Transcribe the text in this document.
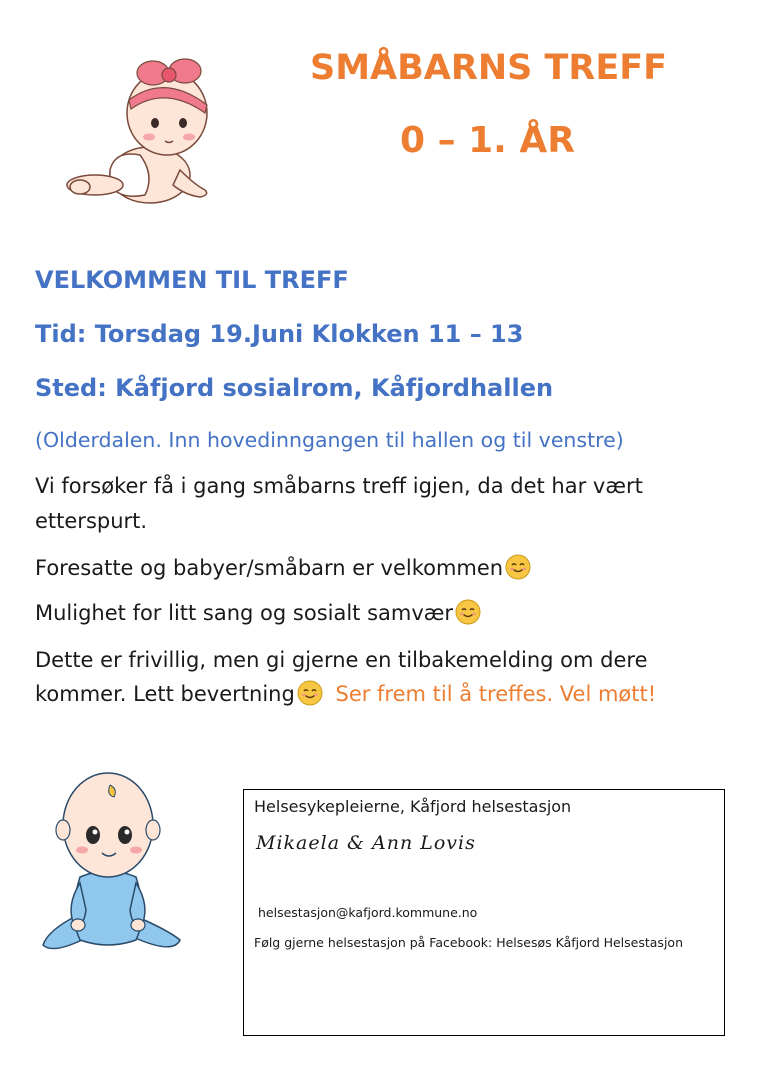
SMÅBARNS TREFF
0 – 1. ÅR
VELKOMMEN TIL TREFF
Tid: Torsdag 19.Juni Klokken 11 – 13
Sted: Kåfjord sosialrom, Kåfjordhallen
(Olderdalen. Inn hovedinngangen til hallen og til venstre)
Vi forsøker få i gang småbarns treff igjen, da det har vært
etterspurt.
Foresatte og babyer/småbarn er velkommen
Mulighet for litt sang og sosialt samvær
Dette er frivillig, men gi gjerne en tilbakemelding om dere
kommer. Lett bevertning Ser frem til å treffes. Vel møtt!
Helsesykepleierne, Kåfjord helsestasjon
Mikaela & Ann Lovis
helsestasjon@kafjord.kommune.no
Følg gjerne helsestasjon på Facebook: Helsesøs Kåfjord Helsestasjon
